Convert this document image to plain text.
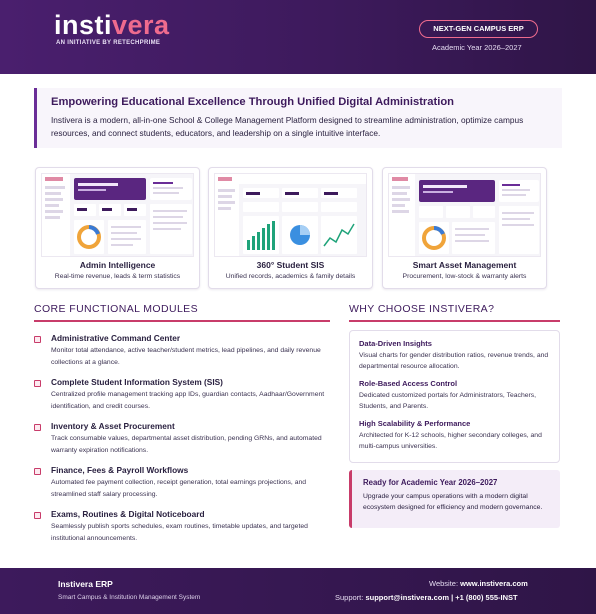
instivera
AN INITIATIVE BY RETECHPRIME
NEXT-GEN CAMPUS ERP
Academic Year 2026–2027
Empowering Educational Excellence Through Unified Digital Administration

Instivera is a modern, all-in-one School & College Management Platform designed to streamline administration, optimize campus resources, and connect students, educators, and leadership on a single intuitive interface.

Admin Intelligence
Real-time revenue, leads & term statistics
360° Student SIS
Unified records, academics & family details
Smart Asset Management
Procurement, low-stock & warranty alerts
CORE FUNCTIONAL MODULES
Administrative Command Center
Monitor total attendance, active teacher/student metrics, lead pipelines, and daily revenue collections at a glance.
Complete Student Information System (SIS)
Centralized profile management tracking app IDs, guardian contacts, Aadhaar/Government identification, and credit courses.
Inventory & Asset Procurement
Track consumable values, departmental asset distribution, pending GRNs, and automated warranty expiration notifications.
Finance, Fees & Payroll Workflows
Automated fee payment collection, receipt generation, total earnings projections, and streamlined staff salary processing.
Exams, Routines & Digital Noticeboard
Seamlessly publish sports schedules, exam routines, timetable updates, and targeted institutional announcements.
WHY CHOOSE INSTIVERA?
Data-Driven Insights
Visual charts for gender distribution ratios, revenue trends, and departmental resource allocation.
Role-Based Access Control
Dedicated customized portals for Administrators, Teachers, Students, and Parents.
High Scalability & Performance
Architected for K-12 schools, higher secondary colleges, and multi-campus universities.
Ready for Academic Year 2026–2027
Upgrade your campus operations with a modern digital ecosystem designed for efficiency and modern governance.
Instivera ERP
Smart Campus & Institution Management System
Website: www.instivera.com
Support: support@instivera.com | +1 (800) 555-INST
